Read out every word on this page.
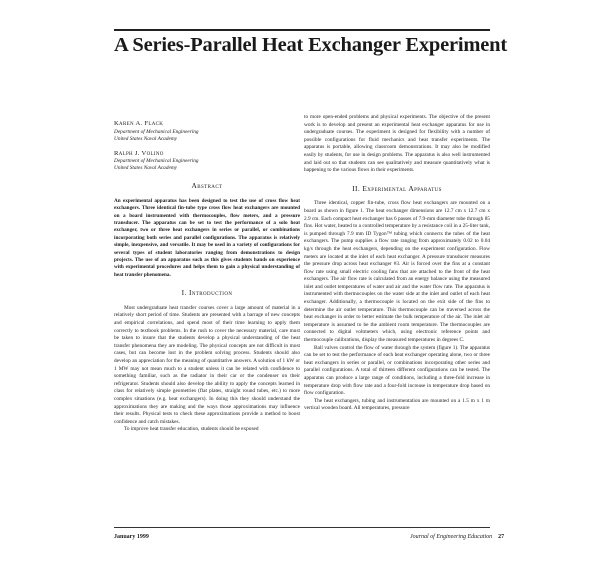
A Series-Parallel Heat Exchanger Experiment
Karen A. Flack
Department of Mechanical Engineering
United States Naval Academy
Ralph J. Volino
Department of Mechanical Engineering
United States Naval Academy
Abstract

An experimental apparatus has been designed to test the use of cross flow heat exchangers. Three identical fin-tube type cross flow heat exchangers are mounted on a board instrumented with thermocouples, flow meters, and a pressure transducer. The apparatus can be set to test the performance of a solo heat exchanger, two or three heat exchangers in series or parallel, or combinations incorporating both series and parallel configurations. The apparatus is relatively simple, inexpensive, and versatile. It may be used in a variety of configurations for several types of student laboratories ranging from demonstrations to design projects. The use of an apparatus such as this gives students hands on experience with experimental procedures and helps them to gain a physical understanding of heat transfer phenomena.

I. Introduction

Most undergraduate heat transfer courses cover a large amount of material in a relatively short period of time. Students are presented with a barrage of new concepts and empirical correlations, and spend most of their time learning to apply them correctly to textbook problems. In the rush to cover the necessary material, care must be taken to insure that the students develop a physical understanding of the heat transfer phenomena they are modeling. The physical concepts are not difficult in most cases, but can become lost in the problem solving process. Students should also develop an appreciation for the meaning of quantitative answers. A solution of 1 kW or 1 MW may not mean much to a student unless it can be related with confidence to something familiar, such as the radiator in their car or the condenser on their refrigerator. Students should also develop the ability to apply the concepts learned in class for relatively simple geometries (flat plates, straight round tubes, etc.) to more complex situations (e.g. heat exchangers). In doing this they should understand the approximations they are making and the ways those approximations may influence their results. Physical tests to check these approximations provide a method to boost confidence and catch mistakes.

To improve heat transfer education, students should be exposed

to more open-ended problems and physical experiments. The objective of the present work is to develop and present an experimental heat exchanger apparatus for use in undergraduate courses. The experiment is designed for flexibility with a number of possible configurations for fluid mechanics and heat transfer experiments. The apparatus is portable, allowing classroom demonstrations. It may also be modified easily by students, for use in design problems. The apparatus is also well instrumented and laid out so that students can see qualitatively and measure quantitatively what is happening to the various flows in their experiments.

II. Experimental Apparatus

Three identical, copper fin-tube, cross flow heat exchangers are mounted on a board as shown in figure 1. The heat exchanger dimensions are 12.7 cm x 12.7 cm x 2.9 cm. Each compact heat exchanger has 6 passes of 7.9-mm diameter tube through 85 fins. Hot water, heated to a controlled temperature by a resistance coil in a 25-liter tank, is pumped through 7.9 mm ID Tygon™ tubing which connects the tubes of the heat exchangers. The pump supplies a flow rate ranging from approximately 0.02 to 0.04 kg/s through the heat exchangers, depending on the experiment configuration. Flow meters are located at the inlet of each heat exchanger. A pressure transducer measures the pressure drop across heat exchanger #3. Air is forced over the fins at a constant flow rate using small electric cooling fans that are attached to the front of the heat exchangers. The air flow rate is calculated from an energy balance using the measured inlet and outlet temperatures of water and air and the water flow rate. The apparatus is instrumented with thermocouples on the water side at the inlet and outlet of each heat exchanger. Additionally, a thermocouple is located on the exit side of the fins to determine the air outlet temperature. This thermocouple can be traversed across the heat exchanger in order to better estimate the bulk temperature of the air. The inlet air temperature is assumed to be the ambient room temperature. The thermocouples are connected to digital voltmeters which, using electronic reference points and thermocouple calibrations, display the measured temperatures in degrees C.

Ball valves control the flow of water through the system (figure 1). The apparatus can be set to test the performance of each heat exchanger operating alone, two or three heat exchangers in series or parallel, or combinations incorporating other series and parallel configurations. A total of thirteen different configurations can be tested. The apparatus can produce a large range of conditions, including a three-fold increase in temperature drop with flow rate and a four-fold increase in temperature drop based on flow configuration.

The heat exchangers, tubing and instrumentation are mounted on a 1.5 m x 1 m vertical wooden board. All temperatures, pressure

January 1999	Journal of Engineering Education 27
